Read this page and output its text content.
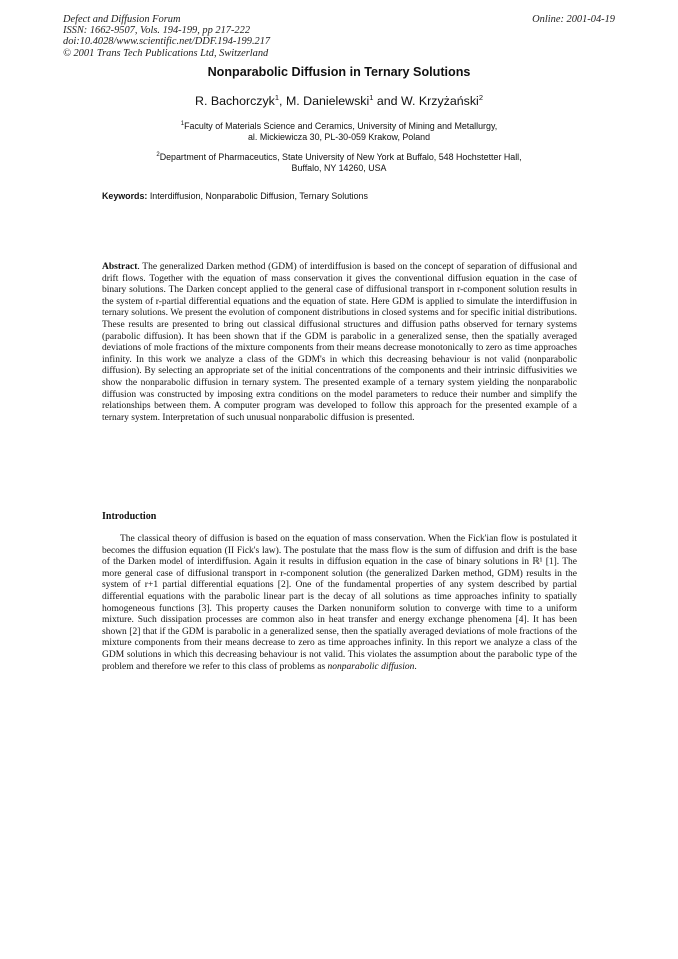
Defect and Diffusion Forum
ISSN: 1662-9507, Vols. 194-199, pp 217-222
doi:10.4028/www.scientific.net/DDF.194-199.217
© 2001 Trans Tech Publications Ltd, Switzerland
Online: 2001-04-19
Nonparabolic Diffusion in Ternary Solutions
R. Bachorczyk$^1$, M. Danielewski$^1$ and W. Krzyżański$^2$
$^1$Faculty of Materials Science and Ceramics, University of Mining and Metallurgy,
al. Mickiewicza 30, PL-30-059 Krakow, Poland
$^2$Department of Pharmaceutics, State University of New York at Buffalo, 548 Hochstetter Hall,
Buffalo, NY 14260, USA
Keywords: Interdiffusion, Nonparabolic Diffusion, Ternary Solutions

Abstract. The generalized Darken method (GDM) of interdiffusion is based on the concept of separation of diffusional and drift flows. Together with the equation of mass conservation it gives the conventional diffusion equation in the case of binary solutions. The Darken concept applied to the general case of diffusional transport in r-component solution results in the system of r-partial differential equations and the equation of state. Here GDM is applied to simulate the interdiffusion in ternary solutions. We present the evolution of component distributions in closed systems and for specific initial distributions. These results are presented to bring out classical diffusional structures and diffusion paths observed for ternary systems (parabolic diffusion). It has been shown that if the GDM is parabolic in a generalized sense, then the spatially averaged deviations of mole fractions of the mixture components from their means decrease monotonically to zero as time approaches infinity. In this work we analyze a class of the GDM's in which this decreasing behaviour is not valid (nonparabolic diffusion). By selecting an appropriate set of the initial concentrations of the components and their intrinsic diffusivities we show the nonparabolic diffusion in ternary system. The presented example of a ternary system yielding the nonparabolic diffusion was constructed by imposing extra conditions on the model parameters to reduce their number and simplify the relationships between them. A computer program was developed to follow this approach for the presented example of a ternary system. Interpretation of such unusual nonparabolic diffusion is presented.

Introduction

The classical theory of diffusion is based on the equation of mass conservation. When the Fick'ian flow is postulated it becomes the diffusion equation (II Fick's law). The postulate that the mass flow is the sum of diffusion and drift is the base of the Darken model of interdiffusion. Again it results in diffusion equation in the case of binary solutions in ℝ¹ [1]. The more general case of diffusional transport in r-component solution (the generalized Darken method, GDM) results in the system of r+1 partial differential equations [2]. One of the fundamental properties of any system described by partial differential equations with the parabolic linear part is the decay of all solutions as time approaches infinity to spatially homogeneous functions [3]. This property causes the Darken nonuniform solution to converge with time to a uniform mixture. Such dissipation processes are common also in heat transfer and energy exchange phenomena [4]. It has been shown [2] that if the GDM is parabolic in a generalized sense, then the spatially averaged deviations of mole fractions of the mixture components from their means decrease to zero as time approaches infinity. In this report we analyze a class of the GDM solutions in which this decreasing behaviour is not valid. This violates the assumption about the parabolic type of the problem and therefore we refer to this class of problems as nonparabolic diffusion.
